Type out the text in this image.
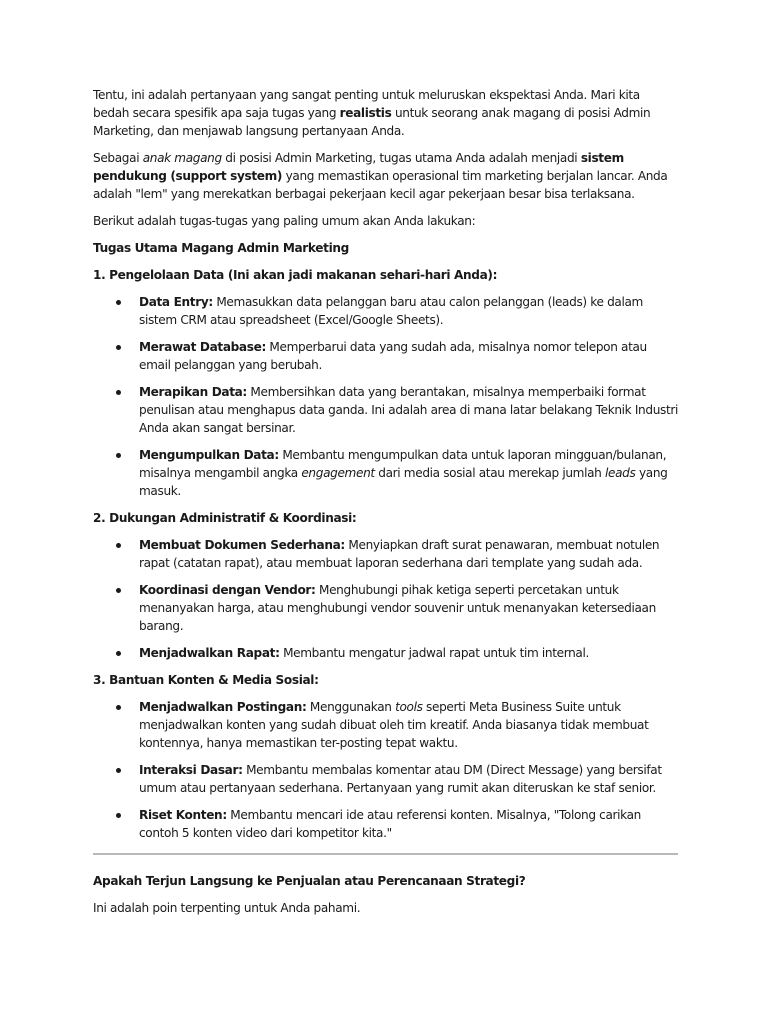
Tentu, ini adalah pertanyaan yang sangat penting untuk meluruskan ekspektasi Anda. Mari kita bedah secara spesifik apa saja tugas yang realistis untuk seorang anak magang di posisi Admin Marketing, dan menjawab langsung pertanyaan Anda.

Sebagai anak magang di posisi Admin Marketing, tugas utama Anda adalah menjadi sistem pendukung (support system) yang memastikan operasional tim marketing berjalan lancar. Anda adalah "lem" yang merekatkan berbagai pekerjaan kecil agar pekerjaan besar bisa terlaksana.

Berikut adalah tugas-tugas yang paling umum akan Anda lakukan:

Tugas Utama Magang Admin Marketing

1. Pengelolaan Data (Ini akan jadi makanan sehari-hari Anda):

Data Entry: Memasukkan data pelanggan baru atau calon pelanggan (leads) ke dalam sistem CRM atau spreadsheet (Excel/Google Sheets).
Merawat Database: Memperbarui data yang sudah ada, misalnya nomor telepon atau email pelanggan yang berubah.
Merapikan Data: Membersihkan data yang berantakan, misalnya memperbaiki format penulisan atau menghapus data ganda. Ini adalah area di mana latar belakang Teknik Industri Anda akan sangat bersinar.
Mengumpulkan Data: Membantu mengumpulkan data untuk laporan mingguan/bulanan, misalnya mengambil angka engagement dari media sosial atau merekap jumlah leads yang masuk.

2. Dukungan Administratif & Koordinasi:

Membuat Dokumen Sederhana: Menyiapkan draft surat penawaran, membuat notulen rapat (catatan rapat), atau membuat laporan sederhana dari template yang sudah ada.
Koordinasi dengan Vendor: Menghubungi pihak ketiga seperti percetakan untuk menanyakan harga, atau menghubungi vendor souvenir untuk menanyakan ketersediaan barang.
Menjadwalkan Rapat: Membantu mengatur jadwal rapat untuk tim internal.

3. Bantuan Konten & Media Sosial:

Menjadwalkan Postingan: Menggunakan tools seperti Meta Business Suite untuk menjadwalkan konten yang sudah dibuat oleh tim kreatif. Anda biasanya tidak membuat kontennya, hanya memastikan ter-posting tepat waktu.
Interaksi Dasar: Membantu membalas komentar atau DM (Direct Message) yang bersifat umum atau pertanyaan sederhana. Pertanyaan yang rumit akan diteruskan ke staf senior.
Riset Konten: Membantu mencari ide atau referensi konten. Misalnya, "Tolong carikan contoh 5 konten video dari kompetitor kita."

Apakah Terjun Langsung ke Penjualan atau Perencanaan Strategi?

Ini adalah poin terpenting untuk Anda pahami.
